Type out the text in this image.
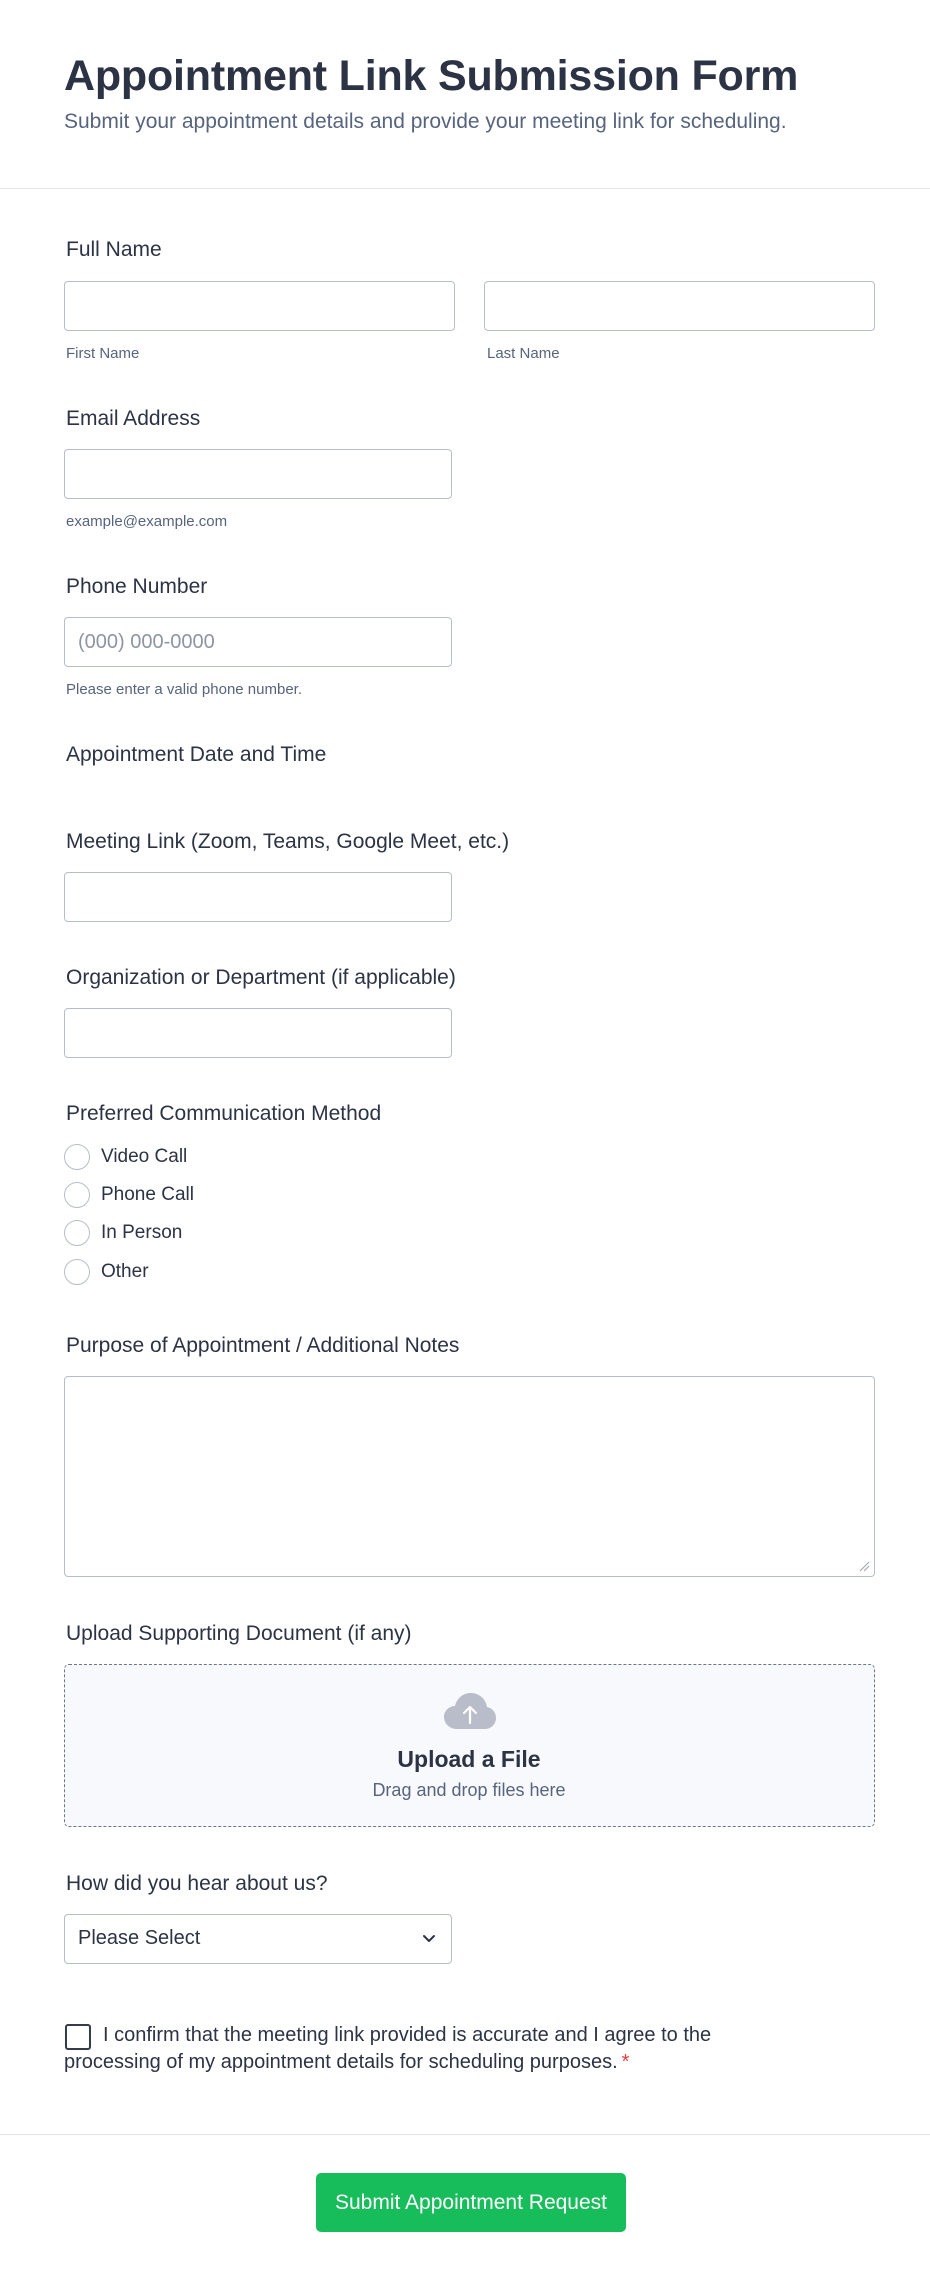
Appointment Link Submission Form
Submit your appointment details and provide your meeting link for scheduling.
Full Name
First Name	Last Name
Email Address
example@example.com
Phone Number
(000) 000-0000
Please enter a valid phone number.
Appointment Date and Time
Meeting Link (Zoom, Teams, Google Meet, etc.)
Organization or Department (if applicable)
Preferred Communication Method
Video Call
Phone Call
In Person
Other
Purpose of Appointment / Additional Notes
Upload Supporting Document (if any)
Upload a File
Drag and drop files here
How did you hear about us?
Please Select
I confirm that the meeting link provided is accurate and I agree to the
processing of my appointment details for scheduling purposes. *
Submit Appointment Request
